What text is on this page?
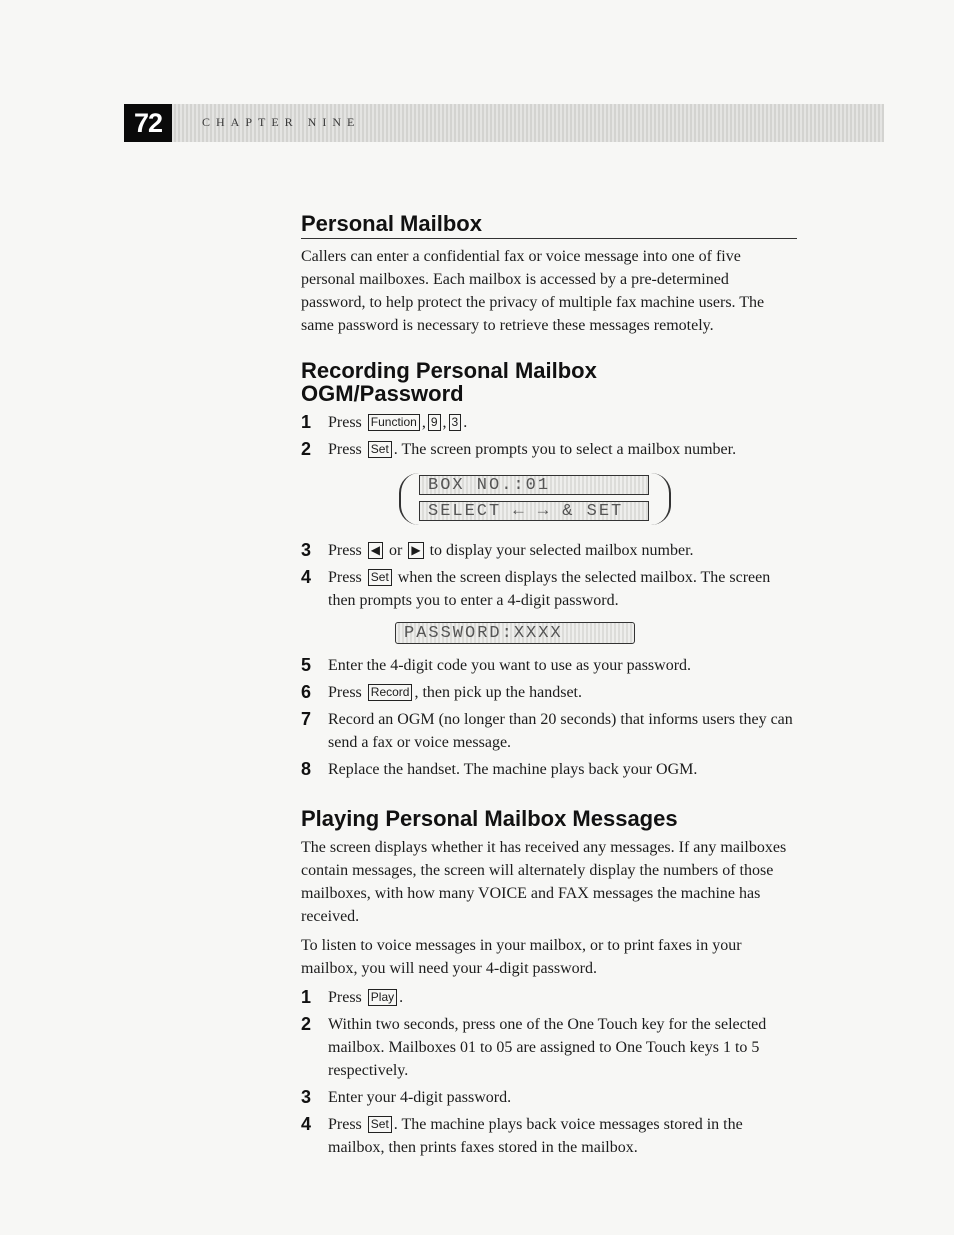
72	CHAPTER NINE
Personal Mailbox

Callers can enter a confidential fax or voice message into one of five personal mailboxes. Each mailbox is accessed by a pre-determined password, to help protect the privacy of multiple fax machine users. The same password is necessary to retrieve these messages remotely.

Recording Personal Mailbox
OGM/Password
1	Press Function , 9 , 3 .
2	Press Set . The screen prompts you to select a mailbox number.
BOX NO.:01
SELECT ← → & SET
3	Press ◀ or ▶ to display your selected mailbox number.
4	Press Set when the screen displays the selected mailbox. The screen then prompts you to enter a 4-digit password.
PASSWORD:XXXX
5	Enter the 4-digit code you want to use as your password.
6	Press Record , then pick up the handset.
7	Record an OGM (no longer than 20 seconds) that informs users they can send a fax or voice message.
8	Replace the handset. The machine plays back your OGM.
Playing Personal Mailbox Messages

The screen displays whether it has received any messages. If any mailboxes contain messages, the screen will alternately display the numbers of those mailboxes, with how many VOICE and FAX messages the machine has received.

To listen to voice messages in your mailbox, or to print faxes in your mailbox, you will need your 4-digit password.

1	Press Play .
2	Within two seconds, press one of the One Touch key for the selected mailbox. Mailboxes 01 to 05 are assigned to One Touch keys 1 to 5 respectively.
3	Enter your 4-digit password.
4	Press Set . The machine plays back voice messages stored in the mailbox, then prints faxes stored in the mailbox.
